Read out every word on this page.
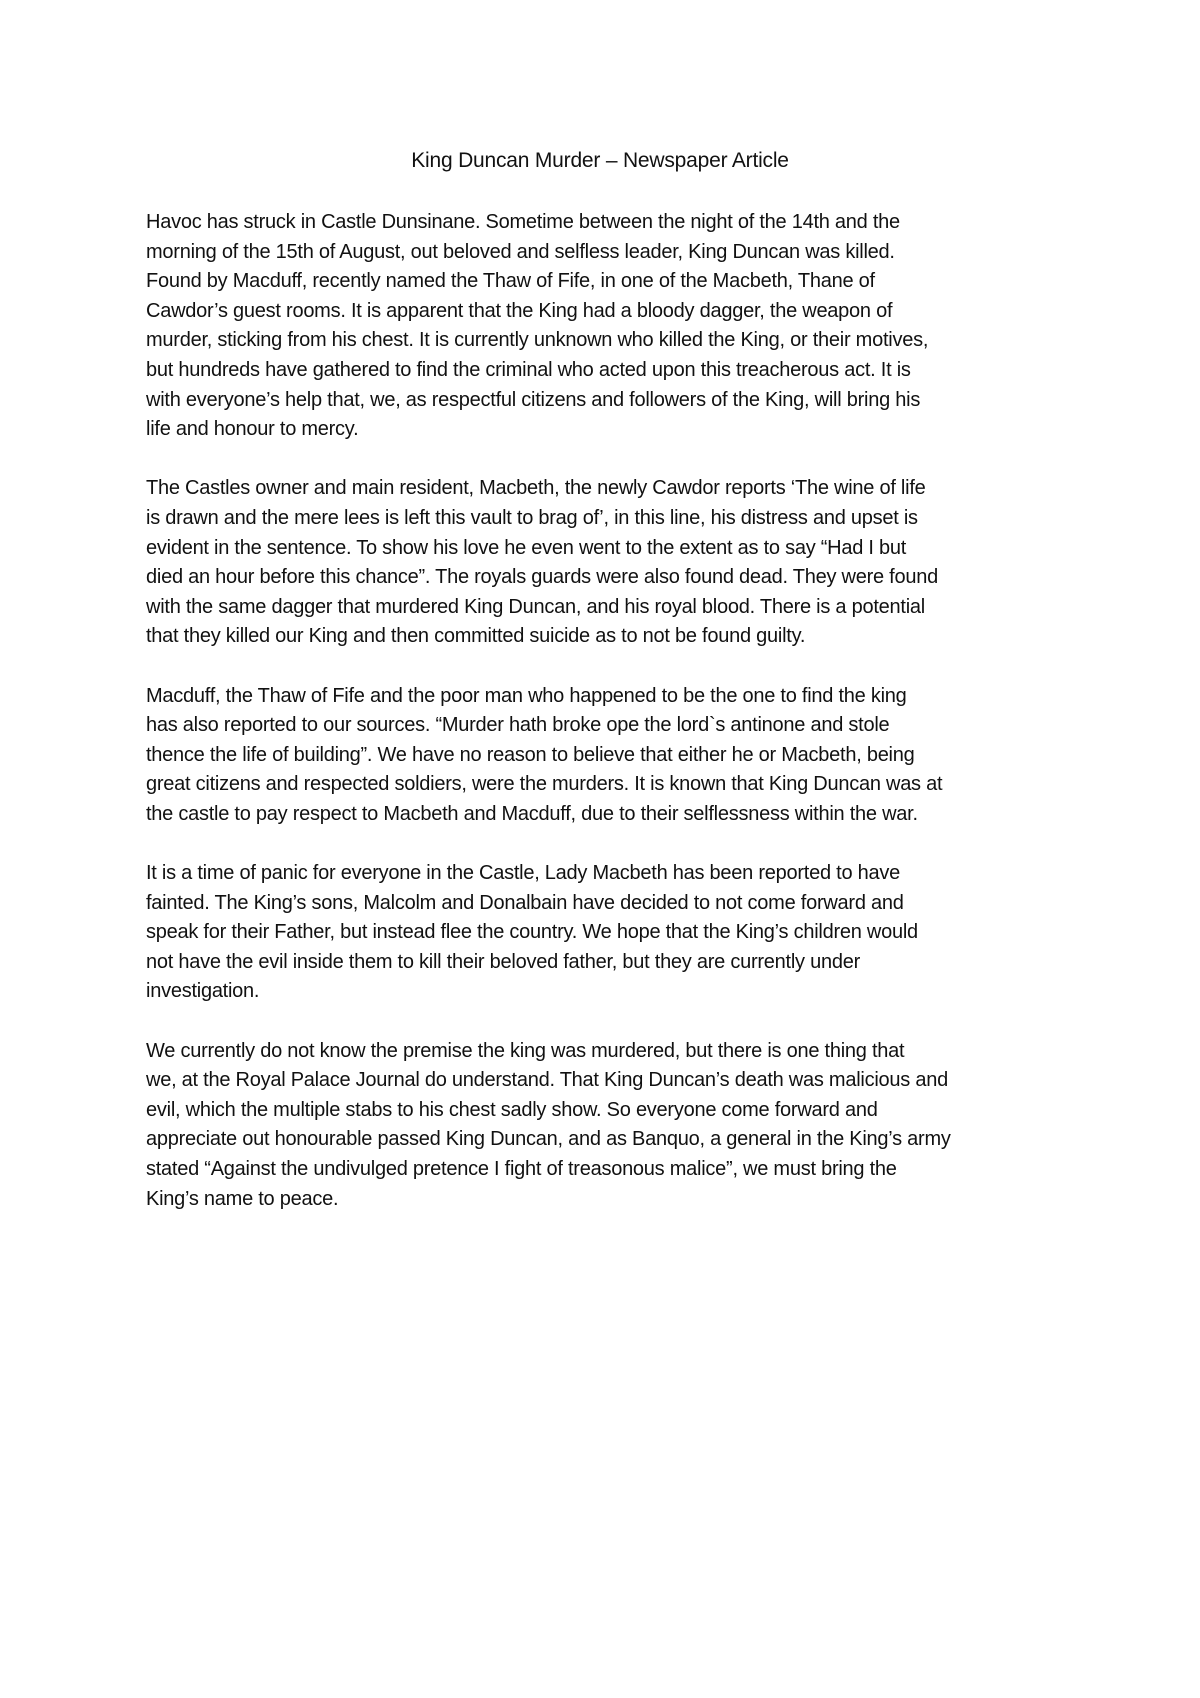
King Duncan Murder – Newspaper Article

Havoc has struck in Castle Dunsinane. Sometime between the night of the 14th and the
morning of the 15th of August, out beloved and selfless leader, King Duncan was killed.
Found by Macduff, recently named the Thaw of Fife, in one of the Macbeth, Thane of
Cawdor’s guest rooms. It is apparent that the King had a bloody dagger, the weapon of
murder, sticking from his chest. It is currently unknown who killed the King, or their motives,
but hundreds have gathered to find the criminal who acted upon this treacherous act. It is
with everyone’s help that, we, as respectful citizens and followers of the King, will bring his
life and honour to mercy.

The Castles owner and main resident, Macbeth, the newly Cawdor reports ‘The wine of life
is drawn and the mere lees is left this vault to brag of’, in this line, his distress and upset is
evident in the sentence. To show his love he even went to the extent as to say “Had I but
died an hour before this chance”. The royals guards were also found dead. They were found
with the same dagger that murdered King Duncan, and his royal blood. There is a potential
that they killed our King and then committed suicide as to not be found guilty.

Macduff, the Thaw of Fife and the poor man who happened to be the one to find the king
has also reported to our sources. “Murder hath broke ope the lord`s antinone and stole
thence the life of building”. We have no reason to believe that either he or Macbeth, being
great citizens and respected soldiers, were the murders. It is known that King Duncan was at
the castle to pay respect to Macbeth and Macduff, due to their selflessness within the war.

It is a time of panic for everyone in the Castle, Lady Macbeth has been reported to have
fainted. The King’s sons, Malcolm and Donalbain have decided to not come forward and
speak for their Father, but instead flee the country. We hope that the King’s children would
not have the evil inside them to kill their beloved father, but they are currently under
investigation.

We currently do not know the premise the king was murdered, but there is one thing that
we, at the Royal Palace Journal do understand. That King Duncan’s death was malicious and
evil, which the multiple stabs to his chest sadly show. So everyone come forward and
appreciate out honourable passed King Duncan, and as Banquo, a general in the King’s army
stated “Against the undivulged pretence I fight of treasonous malice”, we must bring the
King’s name to peace.
